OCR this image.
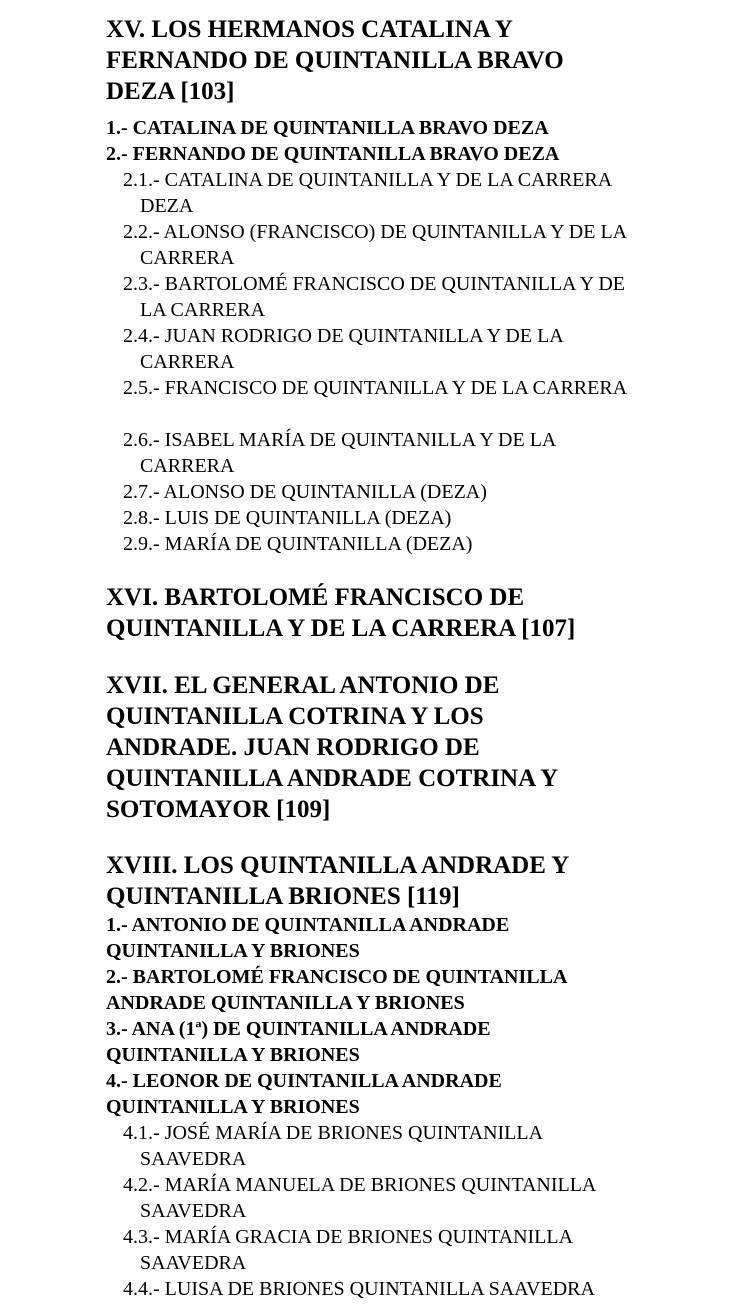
XV. LOS HERMANOS CATALINA Y FERNANDO DE QUINTANILLA BRAVO DEZA [103]
1.- CATALINA DE QUINTANILLA BRAVO DEZA
2.- FERNANDO DE QUINTANILLA BRAVO DEZA
2.1.- CATALINA DE QUINTANILLA Y DE LA CARRERA DEZA
2.2.- ALONSO (FRANCISCO) DE QUINTANILLA Y DE LA CARRERA
2.3.- BARTOLOMÉ FRANCISCO DE QUINTANILLA Y DE LA CARRERA
2.4.- JUAN RODRIGO DE QUINTANILLA Y DE LA CARRERA
2.5.- FRANCISCO DE QUINTANILLA Y DE LA CARRERA
2.6.- ISABEL MARÍA DE QUINTANILLA Y DE LA CARRERA
2.7.- ALONSO DE QUINTANILLA (DEZA)
2.8.- LUIS DE QUINTANILLA (DEZA)
2.9.- MARÍA DE QUINTANILLA (DEZA)
XVI. BARTOLOMÉ FRANCISCO DE QUINTANILLA Y DE LA CARRERA [107]
XVII. EL GENERAL ANTONIO DE QUINTANILLA COTRINA Y LOS ANDRADE. JUAN RODRIGO DE QUINTANILLA ANDRADE COTRINA Y SOTOMAYOR [109]
XVIII. LOS QUINTANILLA ANDRADE Y QUINTANILLA BRIONES [119]
1.- ANTONIO DE QUINTANILLA ANDRADE QUINTANILLA Y BRIONES
2.- BARTOLOMÉ FRANCISCO DE QUINTANILLA ANDRADE QUINTANILLA Y BRIONES
3.- ANA (1ª) DE QUINTANILLA ANDRADE QUINTANILLA Y BRIONES
4.- LEONOR DE QUINTANILLA ANDRADE QUINTANILLA Y BRIONES
4.1.- JOSÉ MARÍA DE BRIONES QUINTANILLA SAAVEDRA
4.2.- MARÍA MANUELA DE BRIONES QUINTANILLA SAAVEDRA
4.3.- MARÍA GRACIA DE BRIONES QUINTANILLA SAAVEDRA
4.4.- LUISA DE BRIONES QUINTANILLA SAAVEDRA
